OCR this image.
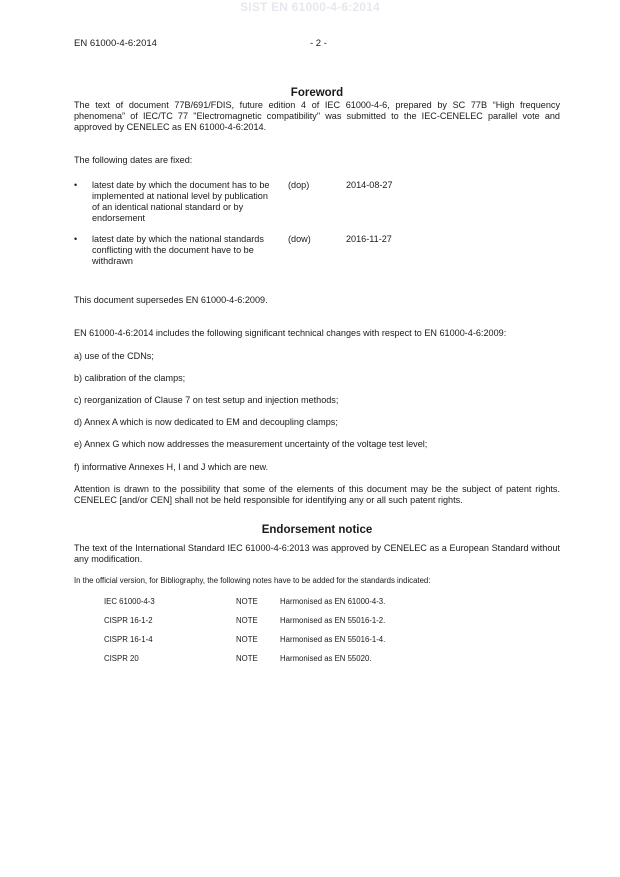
SIST EN 61000-4-6:2014
EN 61000-4-6:2014	- 2 -
Foreword

The text of document 77B/691/FDIS, future edition 4 of IEC 61000-4-6, prepared by SC 77B “High frequency phenomena” of IEC/TC 77 "Electromagnetic compatibility" was submitted to the IEC-CENELEC parallel vote and approved by CENELEC as EN 61000-4-6:2014.

The following dates are fixed:

• latest date by which the document has to be implemented at national level by publication of an identical national standard or by endorsement
(dop)	2014-08-27
• latest date by which the national standards conflicting with the document have to be withdrawn
(dow)	2016-11-27

This document supersedes EN 61000-4-6:2009.

EN 61000-4-6:2014 includes the following significant technical changes with respect to EN 61000-4-6:2009:

a) use of the CDNs;

b) calibration of the clamps;

c) reorganization of Clause 7 on test setup and injection methods;

d) Annex A which is now dedicated to EM and decoupling clamps;

e) Annex G which now addresses the measurement uncertainty of the voltage test level;

f) informative Annexes H, I and J which are new.

Attention is drawn to the possibility that some of the elements of this document may be the subject of patent rights. CENELEC [and/or CEN] shall not be held responsible for identifying any or all such patent rights.

Endorsement notice

The text of the International Standard IEC 61000-4-6:2013 was approved by CENELEC as a European Standard without any modification.

In the official version, for Bibliography, the following notes have to be added for the standards indicated:

IEC 61000-4-3	NOTE	Harmonised as EN 61000-4-3.
CISPR 16-1-2	NOTE	Harmonised as EN 55016-1-2.
CISPR 16-1-4	NOTE	Harmonised as EN 55016-1-4.
CISPR 20	NOTE	Harmonised as EN 55020.
